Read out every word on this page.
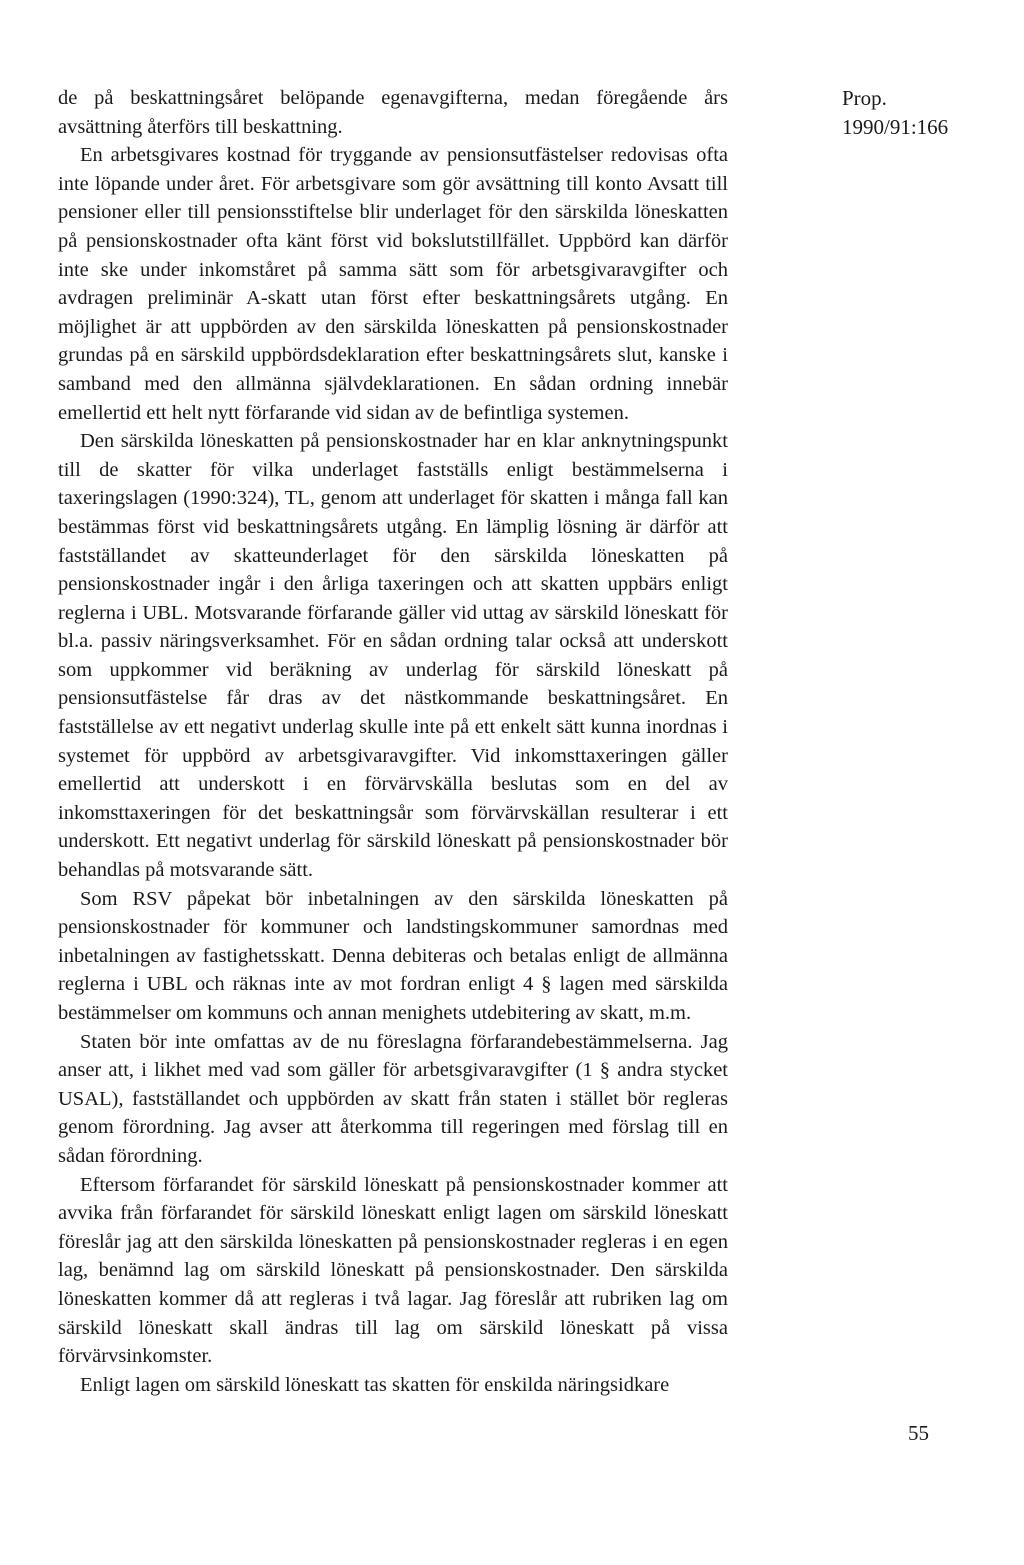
Prop.
1990/91:166

de på beskattningsåret belöpande egenavgifterna, medan föregående års avsättning återförs till beskattning.

En arbetsgivares kostnad för tryggande av pensionsutfästelser redovisas ofta inte löpande under året. För arbetsgivare som gör avsättning till konto Avsatt till pensioner eller till pensionsstiftelse blir underlaget för den särskilda löneskatten på pensionskostnader ofta känt först vid bokslutstillfället. Uppbörd kan därför inte ske under inkomståret på samma sätt som för arbetsgivaravgifter och avdragen preliminär A-skatt utan först efter beskattningsårets utgång. En möjlighet är att uppbörden av den särskilda löneskatten på pensionskostnader grundas på en särskild uppbördsdeklaration efter beskattningsårets slut, kanske i samband med den allmänna självdeklarationen. En sådan ordning innebär emellertid ett helt nytt förfarande vid sidan av de befintliga systemen.

Den särskilda löneskatten på pensionskostnader har en klar anknytningspunkt till de skatter för vilka underlaget fastställs enligt bestämmelserna i taxeringslagen (1990:324), TL, genom att underlaget för skatten i många fall kan bestämmas först vid beskattningsårets utgång. En lämplig lösning är därför att fastställandet av skatteunderlaget för den särskilda löneskatten på pensionskostnader ingår i den årliga taxeringen och att skatten uppbärs enligt reglerna i UBL. Motsvarande förfarande gäller vid uttag av särskild löneskatt för bl.a. passiv näringsverksamhet. För en sådan ordning talar också att underskott som uppkommer vid beräkning av underlag för särskild löneskatt på pensionsutfästelse får dras av det nästkommande beskattningsåret. En fastställelse av ett negativt underlag skulle inte på ett enkelt sätt kunna inordnas i systemet för uppbörd av arbetsgivaravgifter. Vid inkomsttaxeringen gäller emellertid att underskott i en förvärvskälla beslutas som en del av inkomsttaxeringen för det beskattningsår som förvärvskällan resulterar i ett underskott. Ett negativt underlag för särskild löneskatt på pensionskostnader bör behandlas på motsvarande sätt.

Som RSV påpekat bör inbetalningen av den särskilda löneskatten på pensionskostnader för kommuner och landstingskommuner samordnas med inbetalningen av fastighetsskatt. Denna debiteras och betalas enligt de allmänna reglerna i UBL och räknas inte av mot fordran enligt 4 § lagen med särskilda bestämmelser om kommuns och annan menighets utdebitering av skatt, m.m.

Staten bör inte omfattas av de nu föreslagna förfarandebestämmelserna. Jag anser att, i likhet med vad som gäller för arbetsgivaravgifter (1 § andra stycket USAL), fastställandet och uppbörden av skatt från staten i stället bör regleras genom förordning. Jag avser att återkomma till regeringen med förslag till en sådan förordning.

Eftersom förfarandet för särskild löneskatt på pensionskostnader kommer att avvika från förfarandet för särskild löneskatt enligt lagen om särskild löneskatt föreslår jag att den särskilda löneskatten på pensionskostnader regleras i en egen lag, benämnd lag om särskild löneskatt på pensionskostnader. Den särskilda löneskatten kommer då att regleras i två lagar. Jag föreslår att rubriken lag om särskild löneskatt skall ändras till lag om särskild löneskatt på vissa förvärvsinkomster.

Enligt lagen om särskild löneskatt tas skatten för enskilda näringsidkare

55
